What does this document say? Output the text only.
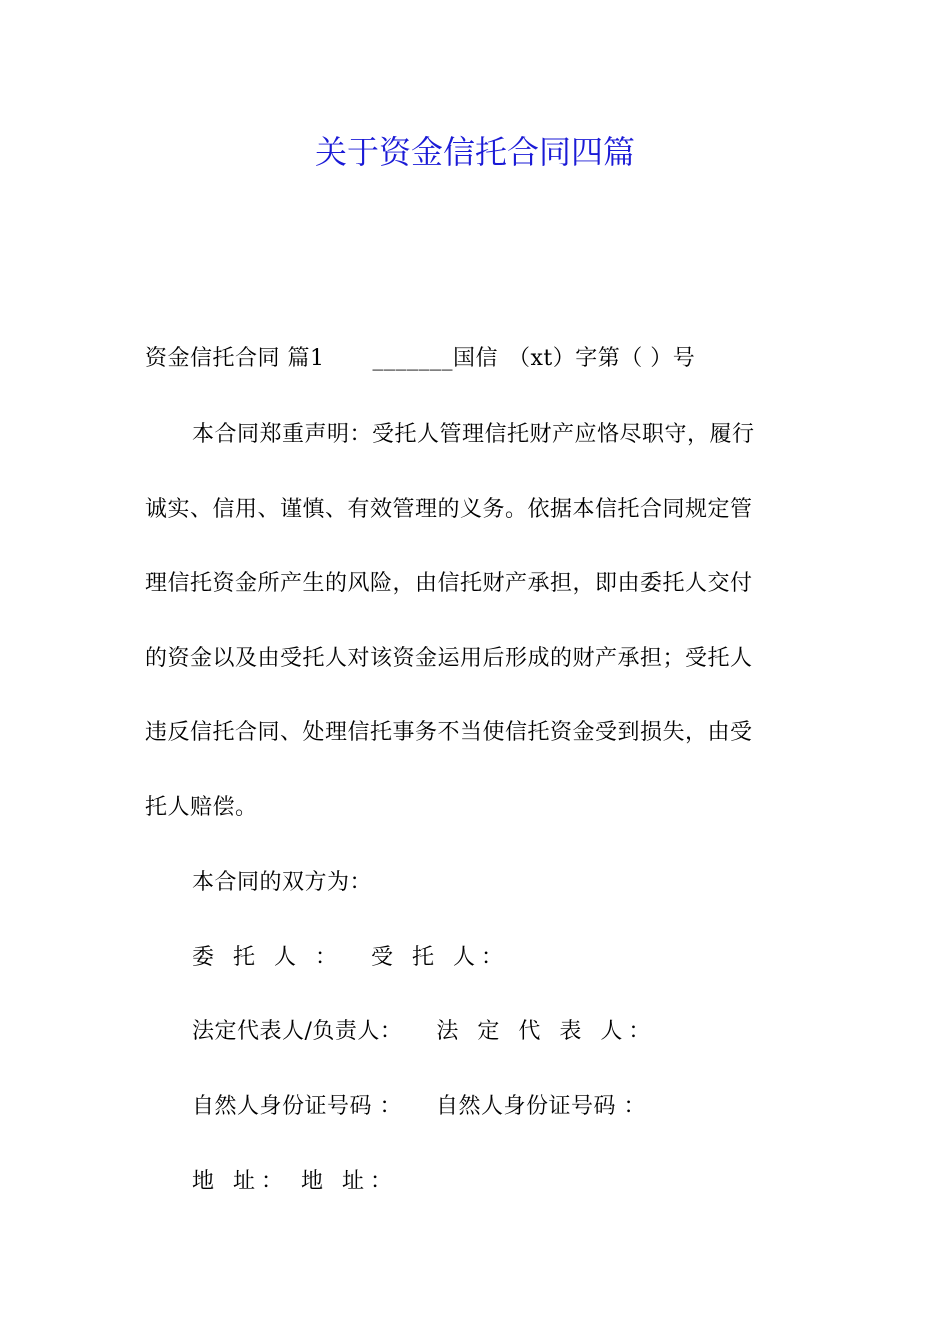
关于资金信托合同四篇
资金信托合同 篇1 _______国信 （xt）字第（ ）号
本合同郑重声明：受托人管理信托财产应恪尽职守，履行
诚实、信用、谨慎、有效管理的义务。依据本信托合同规定管
理信托资金所产生的风险，由信托财产承担，即由委托人交付
的资金以及由受托人对该资金运用后形成的财产承担；受托人
违反信托合同、处理信托事务不当使信托资金受到损失，由受
托人赔偿。
本合同的双方为：
委 托 人 ： 受 托 人：
法定代表人/负责人： 法 定 代 表 人：
自然人身份证号码 ： 自然人身份证号码 ：
地 址： 地 址：
